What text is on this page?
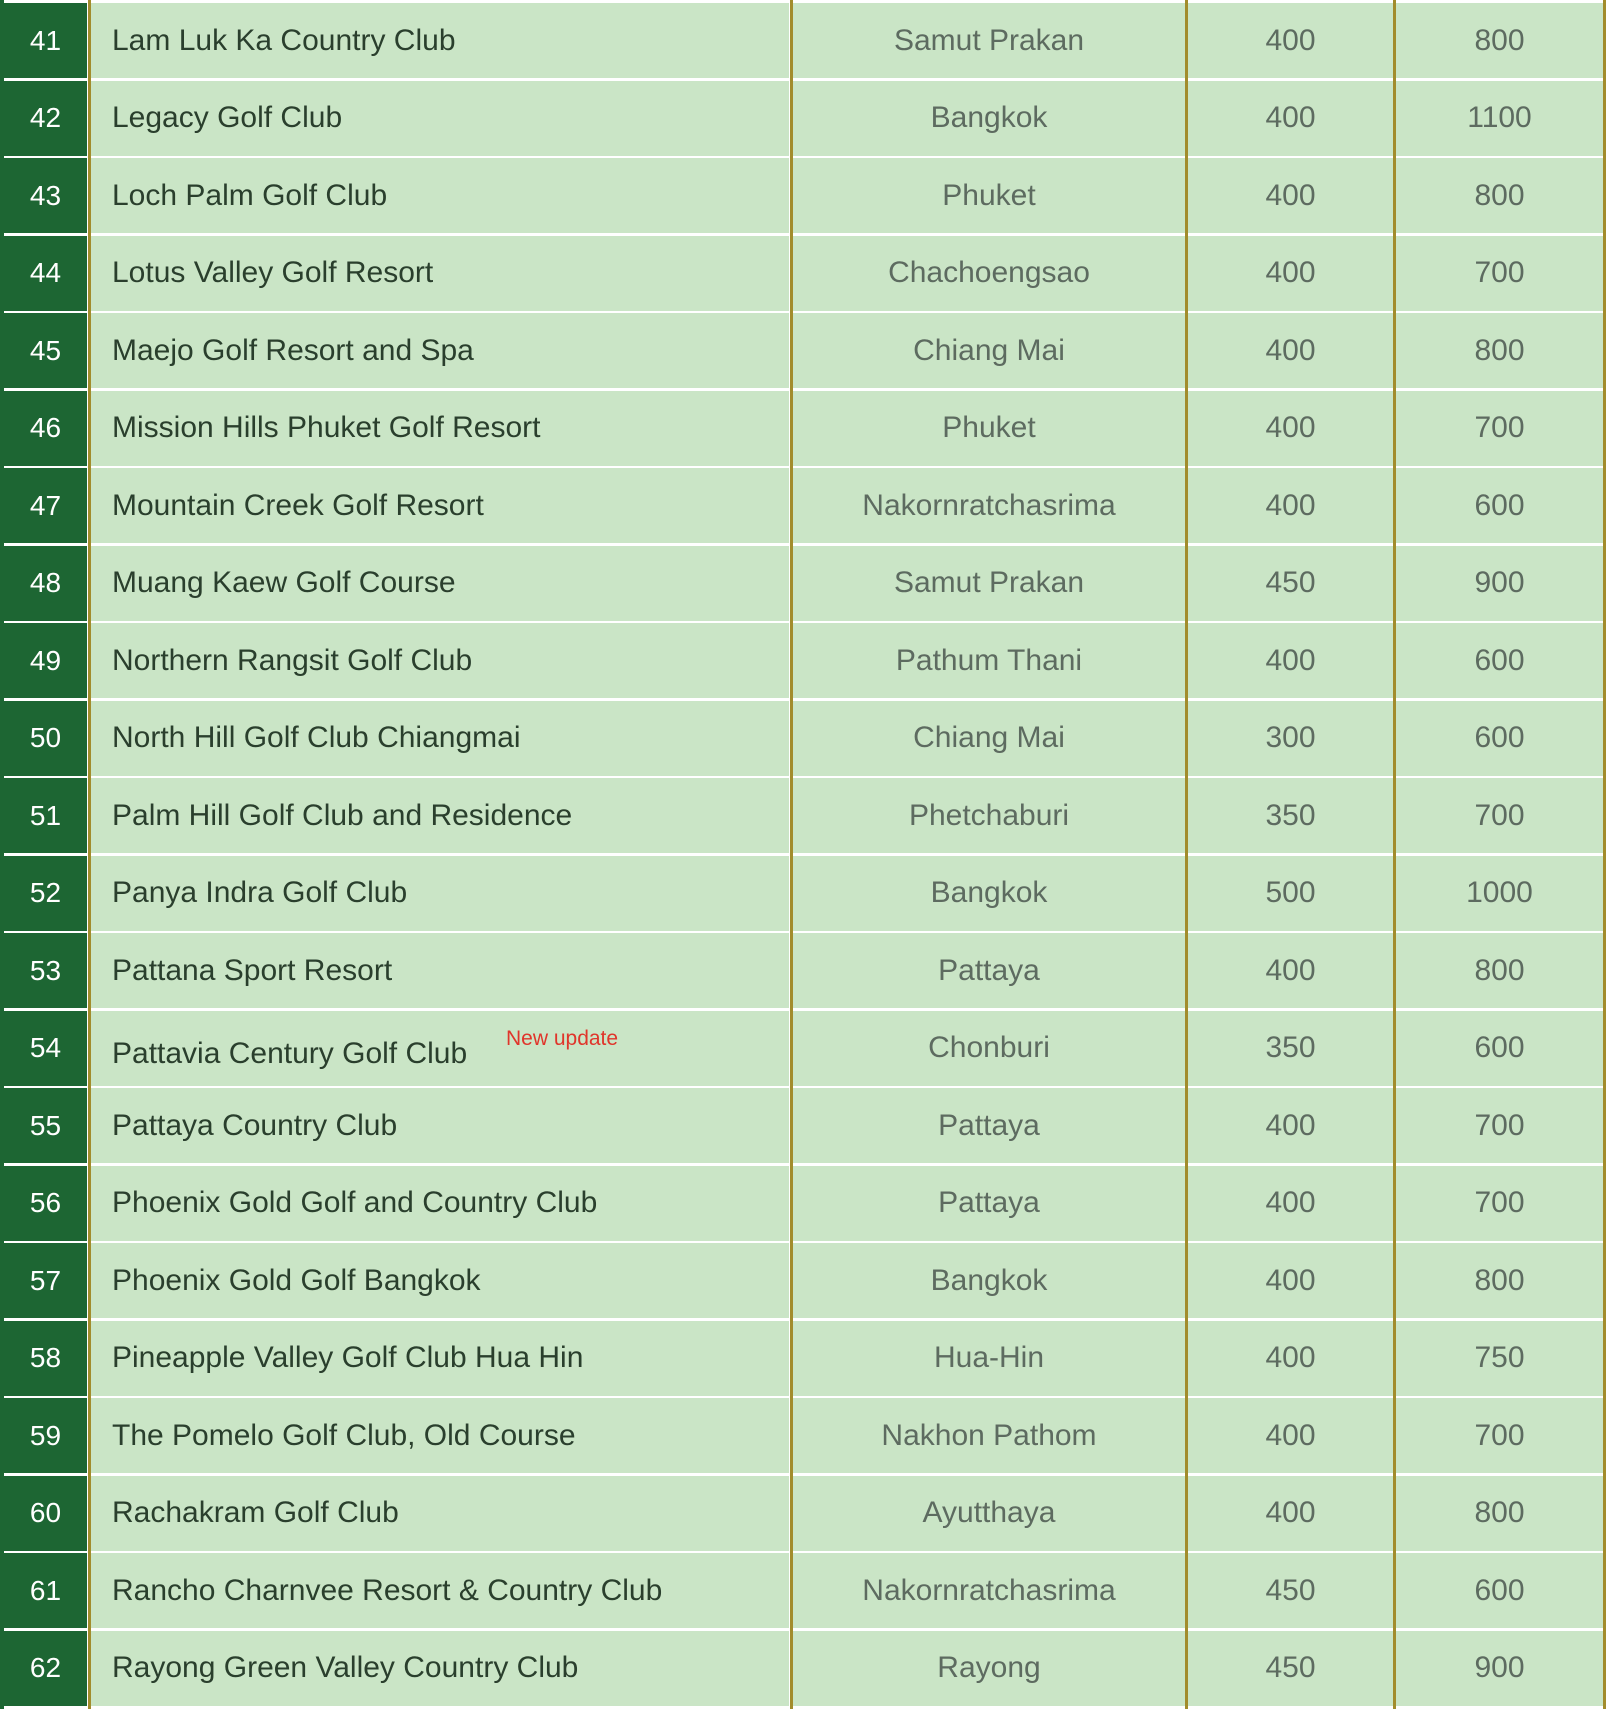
41	Lam Luk Ka Country Club	Samut Prakan	400	800
42	Legacy Golf Club	Bangkok	400	1100
43	Loch Palm Golf Club	Phuket	400	800
44	Lotus Valley Golf Resort	Chachoengsao	400	700
45	Maejo Golf Resort and Spa	Chiang Mai	400	800
46	Mission Hills Phuket Golf Resort	Phuket	400	700
47	Mountain Creek Golf Resort	Nakornratchasrima	400	600
48	Muang Kaew Golf Course	Samut Prakan	450	900
49	Northern Rangsit Golf Club	Pathum Thani	400	600
50	North Hill Golf Club Chiangmai	Chiang Mai	300	600
51	Palm Hill Golf Club and Residence	Phetchaburi	350	700
52	Panya Indra Golf Club	Bangkok	500	1000
53	Pattana Sport Resort	Pattaya	400	800
54	Pattavia Century Golf Club New update	Chonburi	350	600
55	Pattaya Country Club	Pattaya	400	700
56	Phoenix Gold Golf and Country Club	Pattaya	400	700
57	Phoenix Gold Golf Bangkok	Bangkok	400	800
58	Pineapple Valley Golf Club Hua Hin	Hua-Hin	400	750
59	The Pomelo Golf Club, Old Course	Nakhon Pathom	400	700
60	Rachakram Golf Club	Ayutthaya	400	800
61	Rancho Charnvee Resort & Country Club	Nakornratchasrima	450	600
62	Rayong Green Valley Country Club	Rayong	450	900
